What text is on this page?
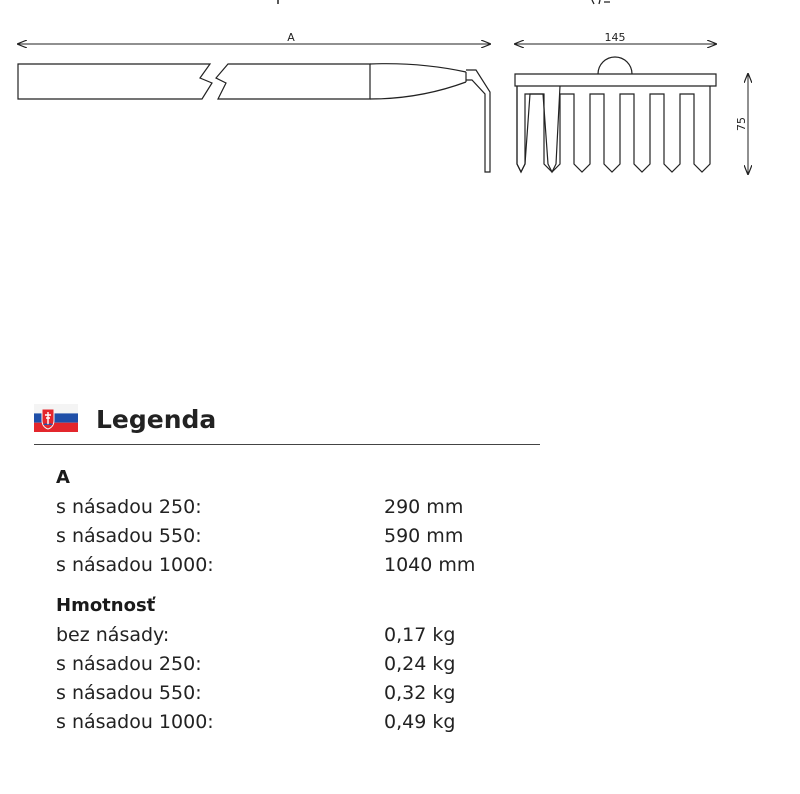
A	145
75
Legenda
A
s násadou 250:	290 mm
s násadou 550:	590 mm
s násadou 1000:	1040 mm
Hmotnosť
bez násady:	0,17 kg
s násadou 250:	0,24 kg
s násadou 550:	0,32 kg
s násadou 1000:	0,49 kg
